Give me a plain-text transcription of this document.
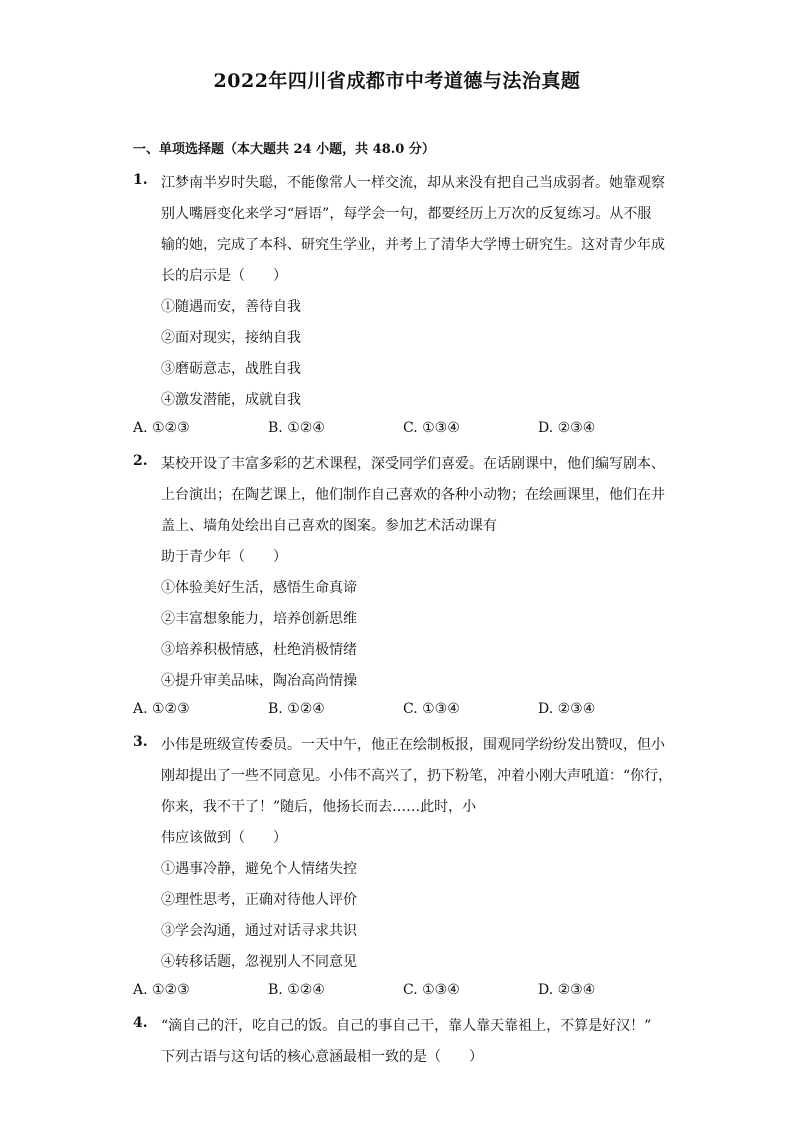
2022年四川省成都市中考道德与法治真题
一、单项选择题（本大题共 24 小题，共 48.0 分）
1. 江梦南半岁时失聪，不能像常人一样交流，却从来没有把自己当成弱者。她靠观察
别人嘴唇变化来学习“唇语”，每学会一句，都要经历上万次的反复练习。从不服
输的她，完成了本科、研究生学业，并考上了清华大学博士研究生。这对青少年成
长的启示是（　　）
①随遇而安，善待自我
②面对现实，接纳自我
③磨砺意志，战胜自我
④激发潜能，成就自我
A. ①②③	B. ①②④	C. ①③④	D. ②③④
2. 某校开设了丰富多彩的艺术课程，深受同学们喜爱。在话剧课中，他们编写剧本、
上台演出；在陶艺课上，他们制作自己喜欢的各种小动物；在绘画课里，他们在井
盖上、墙角处绘出自己喜欢的图案。参加艺术活动课有
助于青少年（　　）
①体验美好生活，感悟生命真谛
②丰富想象能力，培养创新思维
③培养积极情感，杜绝消极情绪
④提升审美品味，陶冶高尚情操
A. ①②③	B. ①②④	C. ①③④	D. ②③④
3. 小伟是班级宣传委员。一天中午，他正在绘制板报，围观同学纷纷发出赞叹，但小
刚却提出了一些不同意见。小伟不高兴了，扔下粉笔，冲着小刚大声吼道：“你行，
你来，我不干了！”随后，他扬长而去……此时，小
伟应该做到（　　）
①遇事冷静，避免个人情绪失控
②理性思考，正确对待他人评价
③学会沟通，通过对话寻求共识
④转移话题，忽视别人不同意见
A. ①②③	B. ①②④	C. ①③④	D. ②③④
4. “滴自己的汗，吃自己的饭。自己的事自己干，靠人靠天靠祖上，不算是好汉！”
下列古语与这句话的核心意涵最相一致的是（　　）
